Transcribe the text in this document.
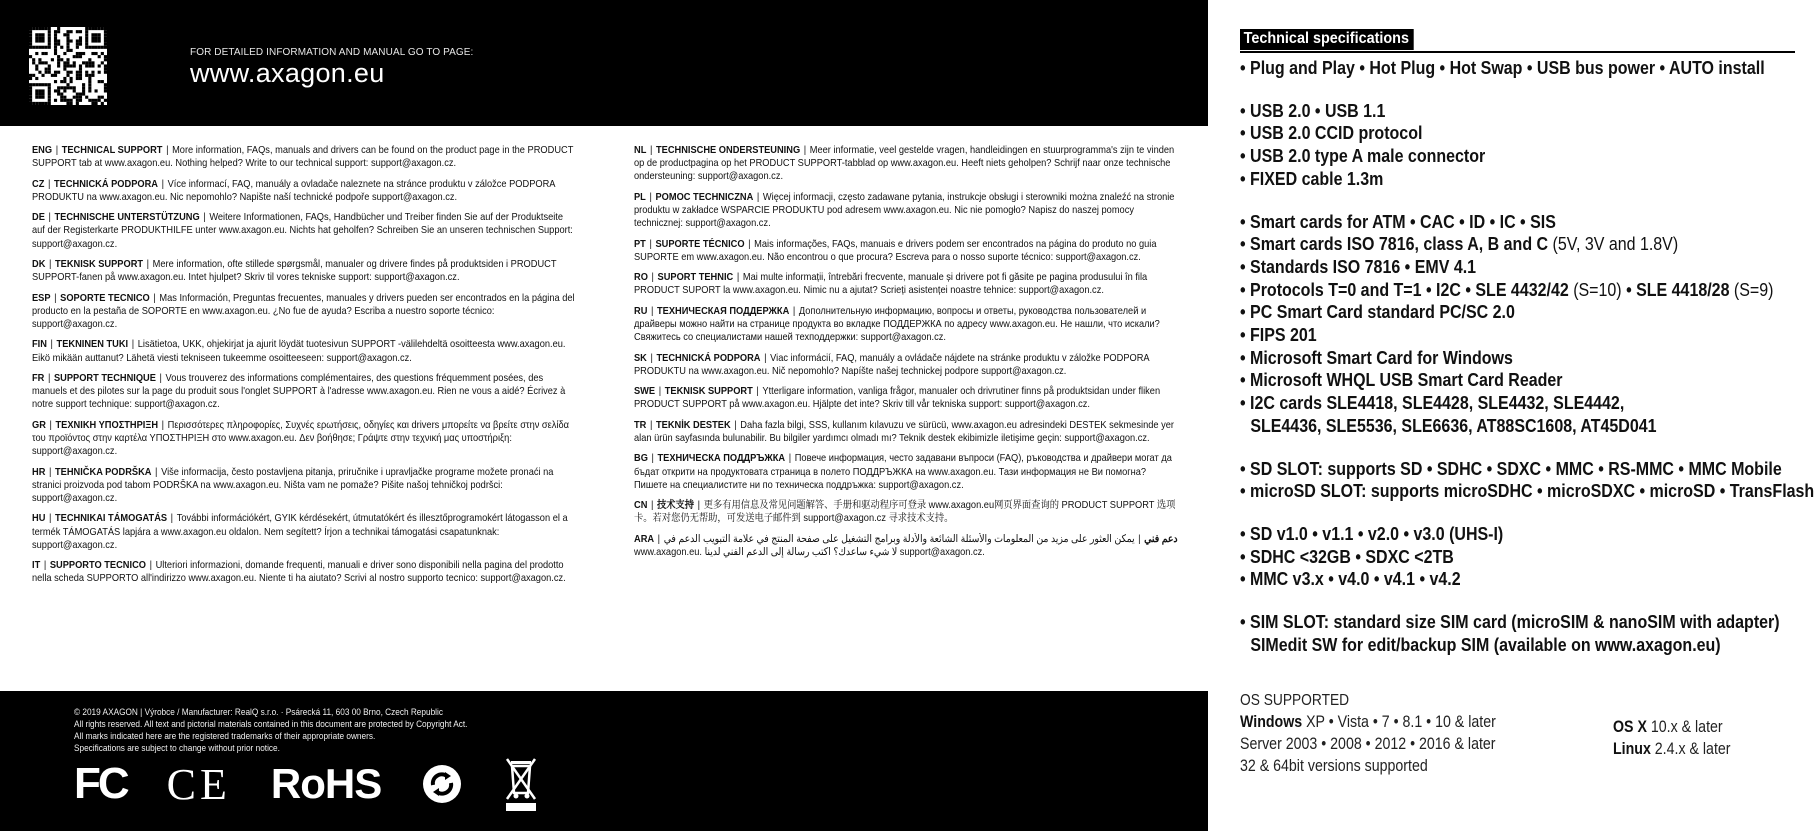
FOR DETAILED INFORMATION AND MANUAL GO TO PAGE:
www.axagon.eu
ENG | TECHNICAL SUPPORT | More information, FAQs, manuals and drivers can be found on the product page in the PRODUCT SUPPORT tab at www.axagon.eu. Nothing helped? Write to our technical support: support@axagon.cz.
CZ | TECHNICKÁ PODPORA | Více informací, FAQ, manuály a ovladače naleznete na stránce produktu v záložce PODPORA PRODUKTU na www.axagon.eu. Nic nepomohlo? Napište naší technické podpoře support@axagon.cz.
DE | TECHNISCHE UNTERSTÜTZUNG | Weitere Informationen, FAQs, Handbücher und Treiber finden Sie auf der Produktseite auf der Registerkarte PRODUKTHILFE unter www.axagon.eu. Nichts hat geholfen? Schreiben Sie an unseren technischen Support: support@axagon.cz.
DK | TEKNISK SUPPORT | Mere information, ofte stillede spørgsmål, manualer og drivere findes på produktsiden i PRODUCT SUPPORT-fanen på www.axagon.eu. Intet hjulpet? Skriv til vores tekniske support: support@axagon.cz.
ESP | SOPORTE TECNICO | Mas Información, Preguntas frecuentes, manuales y drivers pueden ser encontrados en la página del producto en la pestaña de SOPORTE en www.axagon.eu. ¿No fue de ayuda? Escriba a nuestro soporte técnico: support@axagon.cz.
FIN | TEKNINEN TUKI | Lisätietoa, UKK, ohjekirjat ja ajurit löydät tuotesivun SUPPORT -välilehdeltä osoitteesta www.axagon.eu. Eikö mikään auttanut? Lähetä viesti tekniseen tukeemme osoitteeseen: support@axagon.cz.
FR | SUPPORT TECHNIQUE | Vous trouverez des informations complémentaires, des questions fréquemment posées, des manuels et des pilotes sur la page du produit sous l'onglet SUPPORT à l'adresse www.axagon.eu. Rien ne vous a aidé? Écrivez à notre support technique: support@axagon.cz.
GR | ΤΕΧΝΙΚΗ ΥΠΟΣΤΗΡΙΞΗ | Περισσότερες πληροφορίες, Συχνές ερωτήσεις, οδηγίες και drivers μπορείτε να βρείτε στην σελίδα του προϊόντος στην καρτέλα ΥΠΟΣΤΗΡΙΞΗ στο www.axagon.eu. Δεν βοήθησε; Γράψτε στην τεχνική μας υποστήριξη: support@axagon.cz.
HR | TEHNIČKA PODRŠKA | Više informacija, često postavljena pitanja, priručnike i upravljačke programe možete pronaći na stranici proizvoda pod tabom PODRŠKA na www.axagon.eu. Ništa vam ne pomaže? Pišite našoj tehničkoj podršci: support@axagon.cz.
HU | TECHNIKAI TÁMOGATÁS | További információkért, GYIK kérdésekért, útmutatókért és illesztőprogramokért látogasson el a termék TÁMOGATÁS lapjára a www.axagon.eu oldalon. Nem segített? Írjon a technikai támogatási csapatunknak: support@axagon.cz.
IT | SUPPORTO TECNICO | Ulteriori informazioni, domande frequenti, manuali e driver sono disponibili nella pagina del prodotto nella scheda SUPPORTO all'indirizzo www.axagon.eu. Niente ti ha aiutato? Scrivi al nostro supporto tecnico: support@axagon.cz.
NL | TECHNISCHE ONDERSTEUNING | Meer informatie, veel gestelde vragen, handleidingen en stuurprogramma's zijn te vinden op de productpagina op het PRODUCT SUPPORT-tabblad op www.axagon.eu. Heeft niets geholpen? Schrijf naar onze technische ondersteuning: support@axagon.cz.
PL | POMOC TECHNICZNA | Więcej informacji, często zadawane pytania, instrukcje obsługi i sterowniki można znaleźć na stronie produktu w zakładce WSPARCIE PRODUKTU pod adresem www.axagon.eu. Nic nie pomogło? Napisz do naszej pomocy technicznej: support@axagon.cz.
PT | SUPORTE TÉCNICO | Mais informações, FAQs, manuais e drivers podem ser encontrados na página do produto no guia SUPORTE em www.axagon.eu. Não encontrou o que procura? Escreva para o nosso suporte técnico: support@axagon.cz.
RO | SUPORT TEHNIC | Mai multe informații, întrebări frecvente, manuale și drivere pot fi găsite pe pagina produsului în fila PRODUCT SUPORT la www.axagon.eu. Nimic nu a ajutat? Scrieți asistenței noastre tehnice: support@axagon.cz.
RU | ТЕХНИЧЕСКАЯ ПОДДЕРЖКА | Дополнительную информацию, вопросы и ответы, руководства пользователей и драйверы можно найти на странице продукта во вкладке ПОДДЕРЖКА по адресу www.axagon.eu. Не нашли, что искали? Свяжитесь со специалистами нашей техподдержки: support@axagon.cz.
SK | TECHNICKÁ PODPORA | Viac informácií, FAQ, manuály a ovládače nájdete na stránke produktu v záložke PODPORA PRODUKTU na www.axagon.eu. Nič nepomohlo? Napíšte našej technickej podpore support@axagon.cz.
SWE | TEKNISK SUPPORT | Ytterligare information, vanliga frågor, manualer och drivrutiner finns på produktsidan under fliken PRODUCT SUPPORT på www.axagon.eu. Hjälpte det inte? Skriv till vår tekniska support: support@axagon.cz.
TR | TEKNİK DESTEK | Daha fazla bilgi, SSS, kullanım kılavuzu ve sürücü, www.axagon.eu adresindeki DESTEK sekmesinde yer alan ürün sayfasında bulunabilir. Bu bilgiler yardımcı olmadı mı? Teknik destek ekibimizle iletişime geçin: support@axagon.cz.
BG | ТЕХНИЧЕСКА ПОДДРЪЖКА | Повече информация, често задавани въпроси (FAQ), ръководства и драйвери могат да бъдат открити на продуктовата страница в полето ПОДДРЪЖКА на www.axagon.eu. Тази информация не Ви помогна? Пишете на специалистите ни по техническа поддръжка: support@axagon.cz.
CN | 技术支持 | 更多有用信息及常见问题解答、手册和驱动程序可登录 www.axagon.eu网页界面查询的 PRODUCT SUPPORT 选项卡。若对您仍无帮助，可发送电子邮件到 support@axagon.cz 寻求技术支持。
ARA |	دعم فني|يمكن العثور على مزيد من المعلومات والأسئلة الشائعة والأدلة وبرامج التشغيل على صفحة المنتج في علامة التبويب الدعم في www.axagon.eu. لا شيء ساعدك؟ اكتب رسالة إلى الدعم الفني لدينا support@axagon.cz.
© 2019 AXAGON | Výrobce / Manufacturer: RealQ s.r.o. · Psárecká 11, 603 00 Brno, Czech Republic
All rights reserved. All text and pictorial materials contained in this document are protected by Copyright Act.
All marks indicated here are the registered trademarks of their appropriate owners.
Specifications are subject to change without prior notice.
FC CE RoHS
Technical specifications
• Plug and Play • Hot Plug • Hot Swap • USB bus power • AUTO install
• USB 2.0 • USB 1.1
• USB 2.0 CCID protocol
• USB 2.0 type A male connector
• FIXED cable 1.3m
• Smart cards for ATM • CAC • ID • IC • SIS
• Smart cards ISO 7816, class A, B and C (5V, 3V and 1.8V)
• Standards ISO 7816 • EMV 4.1
• Protocols T=0 and T=1 • I2C • SLE 4432/42 (S=10) • SLE 4418/28 (S=9)
• PC Smart Card standard PC/SC 2.0
• FIPS 201
• Microsoft Smart Card for Windows
• Microsoft WHQL USB Smart Card Reader
• I2C cards SLE4418, SLE4428, SLE4432, SLE4442,
SLE4436, SLE5536, SLE6636, AT88SC1608, AT45D041
• SD SLOT: supports SD • SDHC • SDXC • MMC • RS-MMC • MMC Mobile
• microSD SLOT: supports microSDHC • microSDXC • microSD • TransFlash
• SD v1.0 • v1.1 • v2.0 • v3.0 (UHS-I)
• SDHC <32GB • SDXC <2TB
• MMC v3.x • v4.0 • v4.1 • v4.2
• SIM SLOT: standard size SIM card (microSIM & nanoSIM with adapter)
SIMedit SW for edit/backup SIM (available on www.axagon.eu)
OS SUPPORTED
Windows XP • Vista • 7 • 8.1 • 10 & later
Server 2003 • 2008 • 2012 • 2016 & later
32 & 64bit versions supported
OS X 10.x & later
Linux 2.4.x & later
